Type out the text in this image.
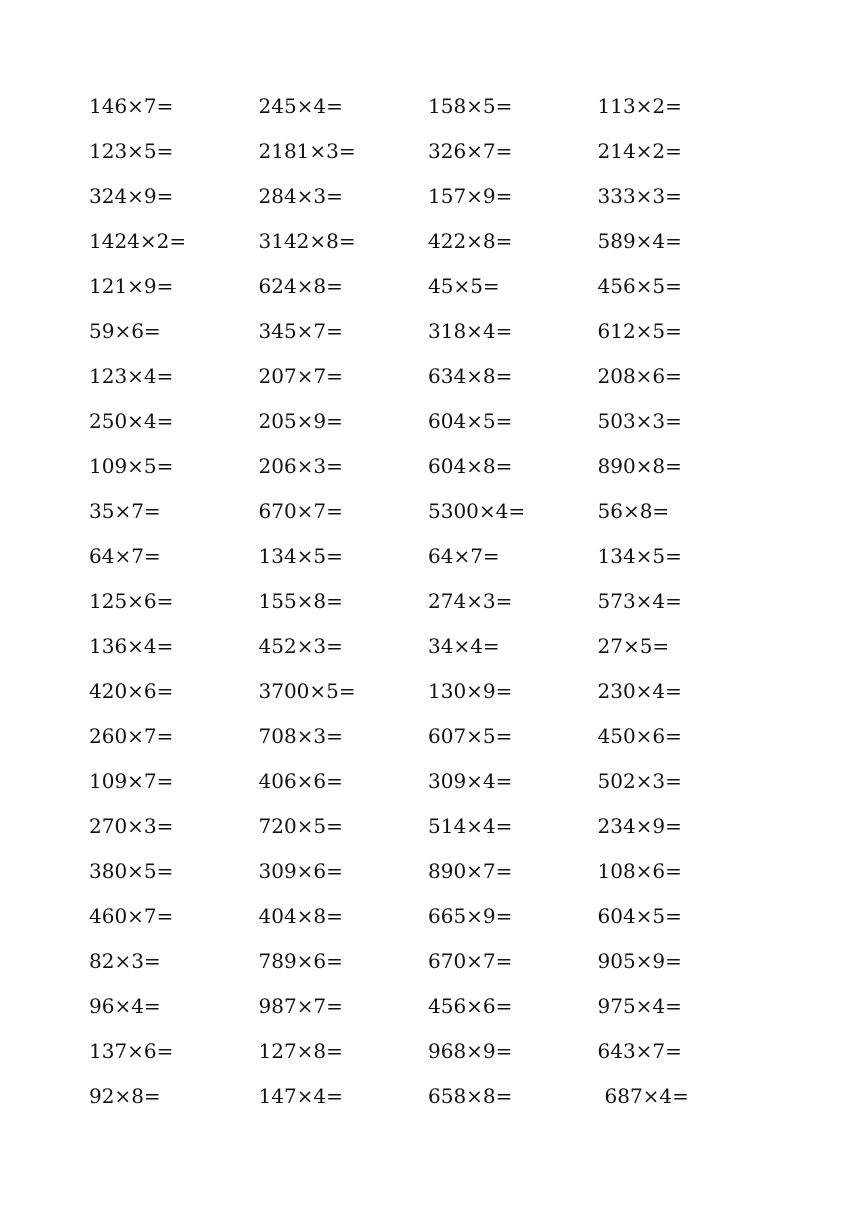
146×7=	245×4=	158×5=	113×2=
123×5=	2181×3=	326×7=	214×2=
324×9=	284×3=	157×9=	333×3=
1424×2=	3142×8=	422×8=	589×4=
121×9=	624×8=	45×5=	456×5=
59×6=	345×7=	318×4=	612×5=
123×4=	207×7=	634×8=	208×6=
250×4=	205×9=	604×5=	503×3=
109×5=	206×3=	604×8=	890×8=
35×7=	670×7=	5300×4=	56×8=
64×7=	134×5=	64×7=	134×5=
125×6=	155×8=	274×3=	573×4=
136×4=	452×3=	34×4=	27×5=
420×6=	3700×5=	130×9=	230×4=
260×7=	708×3=	607×5=	450×6=
109×7=	406×6=	309×4=	502×3=
270×3=	720×5=	514×4=	234×9=
380×5=	309×6=	890×7=	108×6=
460×7=	404×8=	665×9=	604×5=
82×3=	789×6=	670×7=	905×9=
96×4=	987×7=	456×6=	975×4=
137×6=	127×8=	968×9=	643×7=
92×8=	147×4=	658×8=	687×4=
